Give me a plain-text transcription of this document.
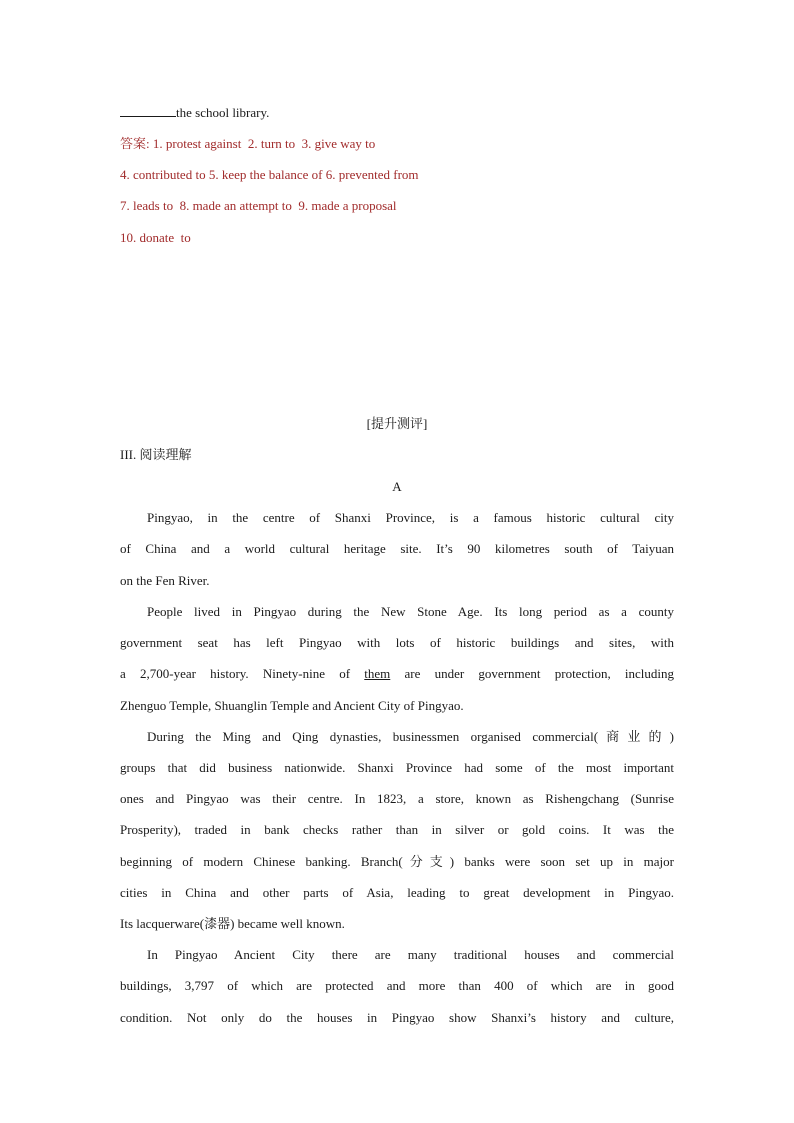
the school library.
答案: 1. protest against  2. turn to  3. give way to
4. contributed to 5. keep the balance of 6. prevented from
7. leads to  8. made an attempt to  9. made a proposal
10. donate  to
[提升测评]
III. 阅读理解
A
Pingyao, in the centre of Shanxi Province, is a famous historic cultural city
of China and a world cultural heritage site. It’s 90 kilometres south of Taiyuan
on the Fen River.
People lived in Pingyao during the New Stone Age. Its long period as a county
government seat has left Pingyao with lots of historic buildings and sites, with
a 2,700-year history. Ninety-nine of them are under government protection, including
Zhenguo Temple, Shuanglin Temple and Ancient City of Pingyao.
During the Ming and Qing dynasties, businessmen organised commercial(商业的)
groups that did business nationwide. Shanxi Province had some of the most important
ones and Pingyao was their centre. In 1823, a store, known as Rishengchang (Sunrise
Prosperity), traded in bank checks rather than in silver or gold coins. It was the
beginning of modern Chinese banking. Branch(分支) banks were soon set up in major
cities in China and other parts of Asia, leading to great development in Pingyao.
Its lacquerware(漆器) became well known.
In Pingyao Ancient City there are many traditional houses and commercial
buildings, 3,797 of which are protected and more than 400 of which are in good
condition. Not only do the houses in Pingyao show Shanxi’s history and culture,
